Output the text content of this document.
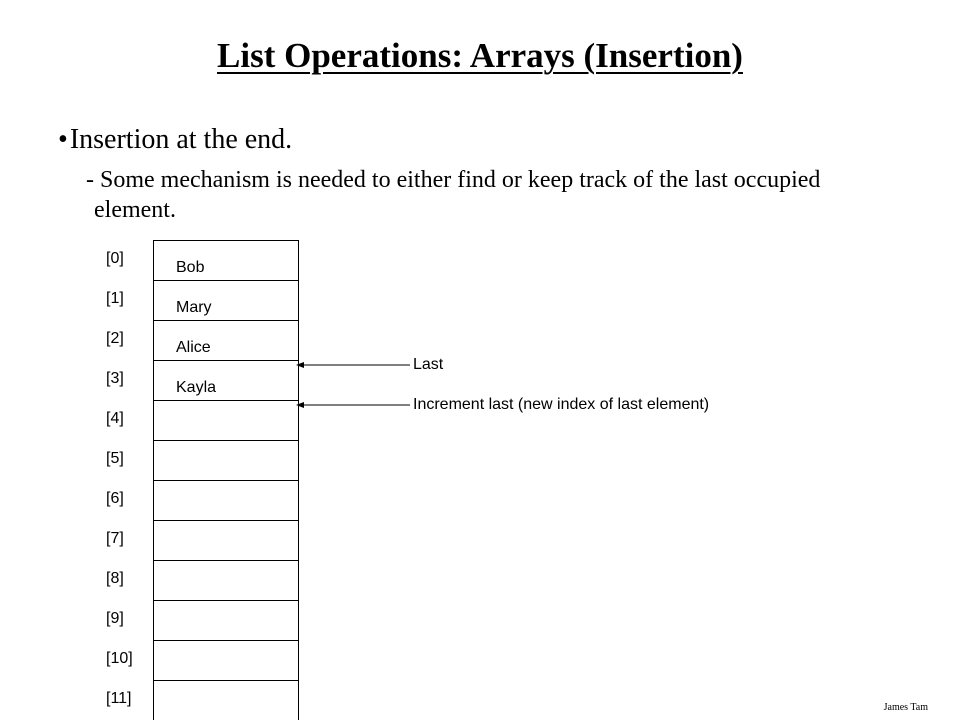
List Operations: Arrays (Insertion)
•Insertion at the end.
- Some mechanism is needed to either find or keep track of the last occupied
element.
[0]
[1]
[2]
[3]
[4]
[5]
[6]
[7]
[8]
[9]
[10]
[11]
Bob
Mary
Alice
Kayla
Last
Increment last (new index of last element)
James Tam
